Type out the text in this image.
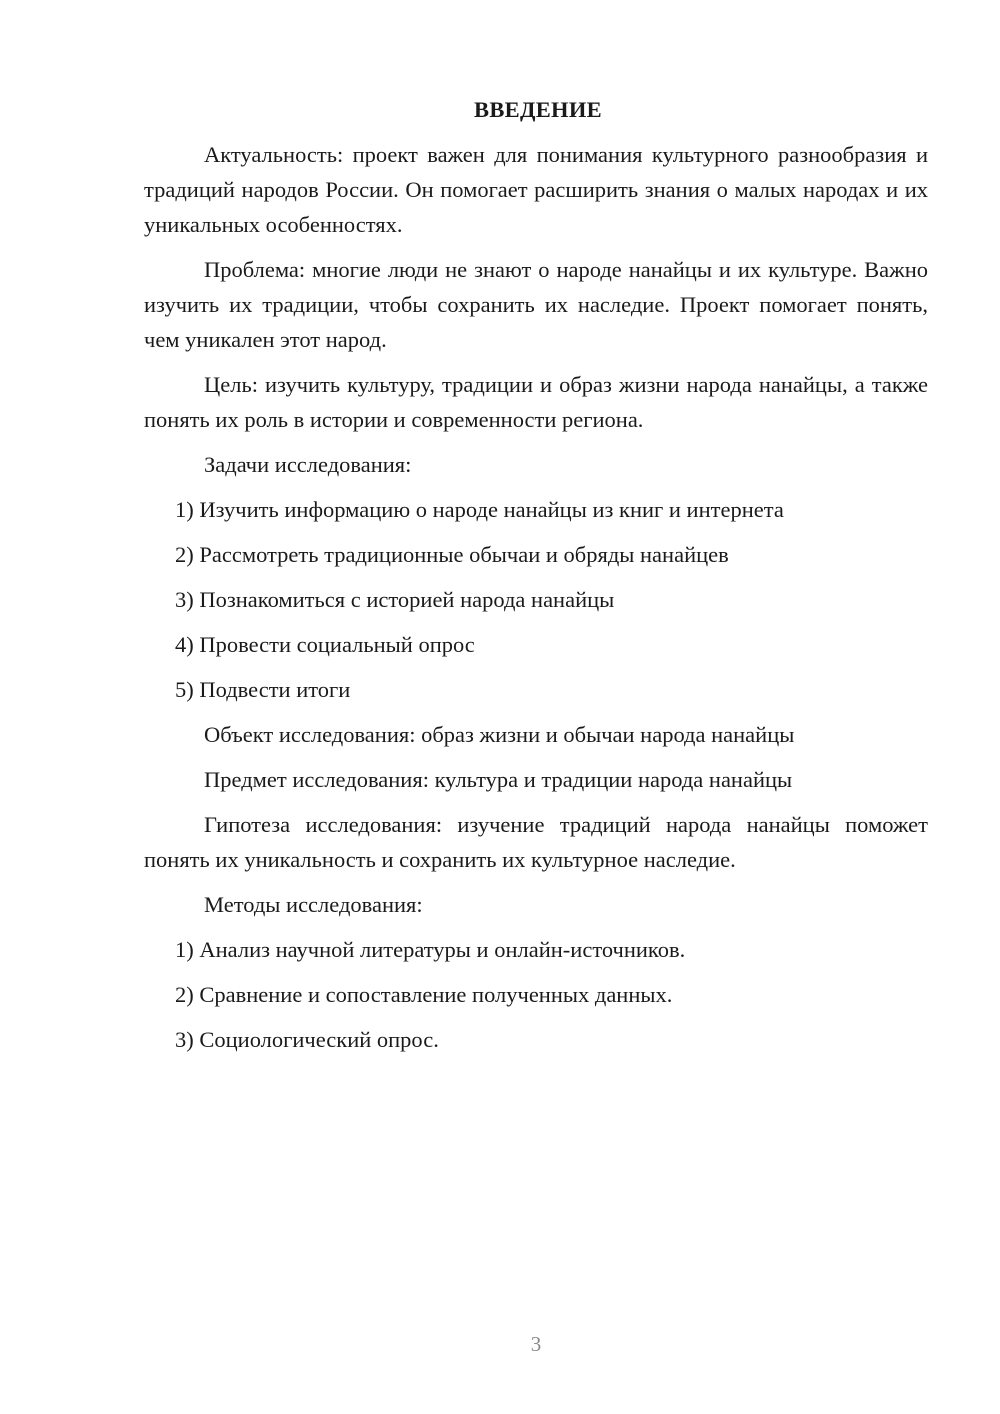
ВВЕДЕНИЕ
Актуальность: проект важен для понимания культурного разнообразия и традиций народов России. Он помогает расширить знания о малых народах и их уникальных особенностях.
Проблема: многие люди не знают о народе нанайцы и их культуре. Важно изучить их традиции, чтобы сохранить их наследие. Проект помогает понять, чем уникален этот народ.
Цель: изучить культуру, традиции и образ жизни народа нанайцы, а также понять их роль в истории и современности региона.
Задачи исследования:
1) Изучить информацию о народе нанайцы из книг и интернета
2) Рассмотреть традиционные обычаи и обряды нанайцев
3) Познакомиться с историей народа нанайцы
4) Провести социальный опрос
5) Подвести итоги
Объект исследования: образ жизни и обычаи народа нанайцы
Предмет исследования: культура и традиции народа нанайцы
Гипотеза исследования: изучение традиций народа нанайцы поможет понять их уникальность и сохранить их культурное наследие.
Методы исследования:
1) Анализ научной литературы и онлайн-источников.
2) Сравнение и сопоставление полученных данных.
3) Социологический опрос.
3
